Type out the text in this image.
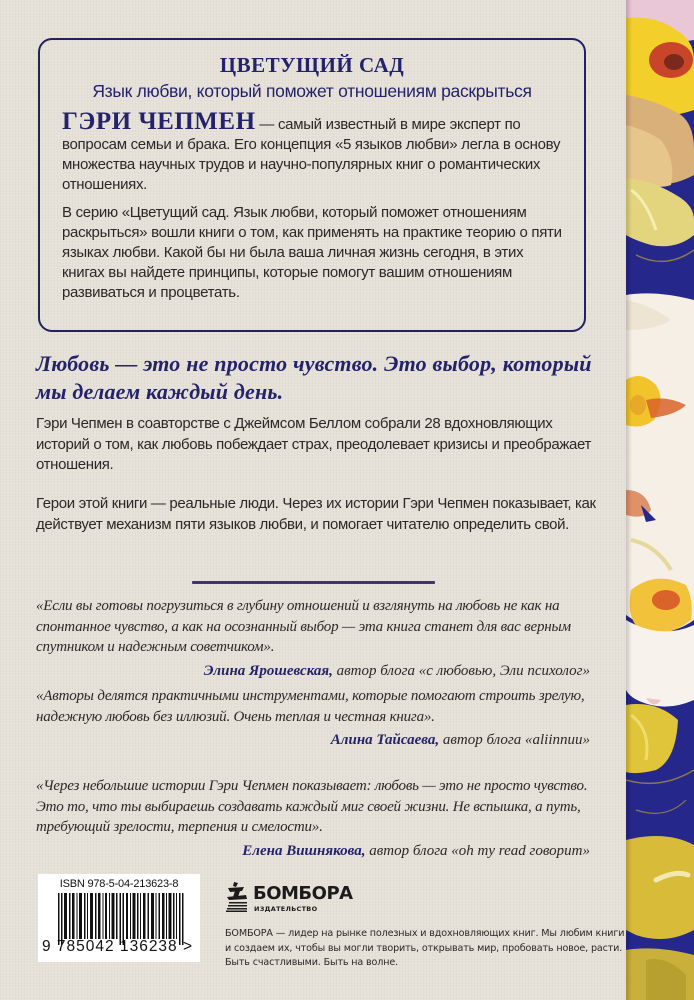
ЦВЕТУЩИЙ САД
Язык любви, который поможет отношениям раскрыться

ГЭРИ ЧЕПМЕН — самый известный в мире эксперт по вопросам семьи и брака. Его концепция «5 языков любви» легла в основу множества научных трудов и научно-популярных книг о романтических отношениях.

В серию «Цветущий сад. Язык любви, который поможет отношениям раскрыться» вошли книги о том, как применять на практике теорию о пяти языках любви. Какой бы ни была ваша личная жизнь сегодня, в этих книгах вы найдете принципы, которые помогут вашим отношениям развиваться и процветать.

Любовь — это не просто чувство. Это выбор, который мы делаем каждый день.

Гэри Чепмен в соавторстве с Джеймсом Беллом собрали 28 вдохновляющих историй о том, как любовь побеждает страх, преодолевает кризисы и преображает отношения.

Герои этой книги — реальные люди. Через их истории Гэри Чепмен показывает, как действует механизм пяти языков любви, и помогает читателю определить свой.

«Если вы готовы погрузиться в глубину отношений и взглянуть на любовь не как на спонтанное чувство, а как на осознанный выбор — эта книга станет для вас верным спутником и надежным советчиком».

Элина Ярошевская, автор блога «с любовью, Эли психолог»

«Авторы делятся практичными инструментами, которые помогают строить зрелую, надежную любовь без иллюзий. Очень теплая и честная книга».

Алина Тайсаева, автор блога «aliinnuu»

«Через небольшие истории Гэри Чепмен показывает: любовь — это не просто чувство. Это то, что ты выбираешь создавать каждый миг своей жизни. Не вспышка, а путь, требующий зрелости, терпения и смелости».

Елена Вишнякова, автор блога «oh my read говорит»
ISBN 978-5-04-213623-8
9 785042 136238 >
БОМБОРА
ИЗДАТЕЛЬСТВО

БОМБОРА — лидер на рынке полезных и вдохновляющих книг. Мы любим книги и создаем их, чтобы вы могли творить, открывать мир, пробовать новое, расти. Быть счастливыми. Быть на волне.
